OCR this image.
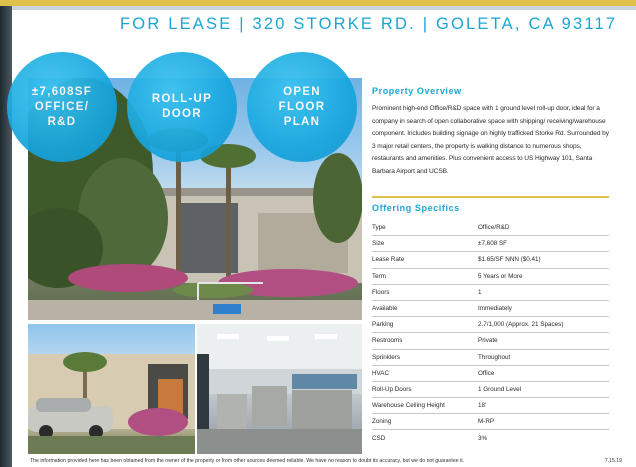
FOR LEASE | 320 STORKE RD. | GOLETA, CA 93117
±7,608SF
OFFICE/
R&D
ROLL-UP
DOOR
OPEN
FLOOR
PLAN
Property Overview
Prominent high-end Office/R&D space with 1 ground level roll-up door, ideal for a company in search of open collaborative space with shipping/ receiving/warehouse component. Includes building signage on highly trafficked Storke Rd. Surrounded by 3 major retail centers, the property is walking distance to numerous shops, restaurants and amenities. Plus convenient access to US Highway 101, Santa Barbara Airport and UCSB.
Offering Specifics
Type	Office/R&D
Size	±7,608 SF
Lease Rate	$1.65/SF NNN ($0.41)
Term	5 Years or More
Floors	1
Available	Immediately
Parking	2.7/1,000 (Approx. 21 Spaces)
Restrooms	Private
Sprinklers	Throughout
HVAC	Office
Roll-Up Doors	1 Ground Level
Warehouse Ceiling Height	18'
Zoning	M-RP
CSD	3%
The information provided here has been obtained from the owner of the property or from other sources deemed reliable. We have no reason to doubt its accuracy, but we do not guarantee it.	7.15.19
